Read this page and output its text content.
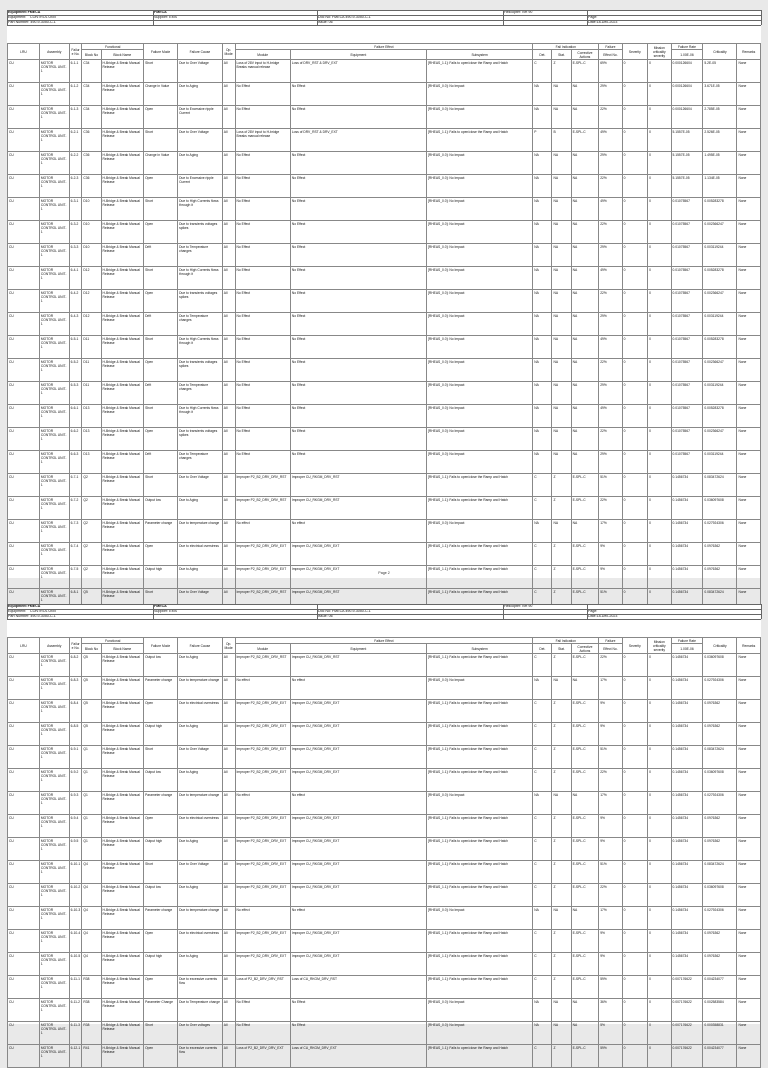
Equipment FMECA
Equipment:	CONTROL UNIT
Part Number: 490-9-3050-C-1
FMECA
Supplier: EMS	Doc No: FMECA 490-9-3050-C-1
Issue: 06
Helicopter: NH 90
Page:
Date:18-Dec-2023
LRU	Assembly	Failure No.	Functional		Failure Mode	Failure Cause	Op. Mode	Failure Effect			Fail Indication			Failure	Severity	Mission criticality severity	Failure Rate	Criticality	Remarks
			Block No	Block Name				Module	Equipment	Subsystem	Det.	Stat.	Corrective Actions	Effect No.			1.00E-06		
CU	MOTOR CONTROL UNIT-1	6-1-1	C34	H-Bridge & Break Manual Release	Short	Due to Over Voltage	All	Loss of 28V input to H-bridge Breaks manual release	Loss of DRV_RST & DRV_EXT	[RHEAS_1.1]: Fails to open/close the Ramp and Hatch	C	Z	E-SPL-C	69%	0	0	0.000126604	5.2E-05	None
CU	MOTOR CONTROL UNIT-1	6-1-2	C34	H-Bridge & Break Manual Release	Change in Value	Due to Aging	All	No Effect	No Effect	[RHEAS_0.0]: No Impact	NA	NA	NA	29%	0	0	0.000126604	3.671E-05	None
CU	MOTOR CONTROL UNIT-1	6-1-3	C34	H-Bridge & Break Manual Release	Open	Due to Excessive ripple Current	All	No Effect	No Effect	[RHEAS_0.0]: No Impact	NA	NA	NA	22%	0	0	0.000126604	2.785E-05	None
CU	MOTOR CONTROL UNIT-1	6-2-1	C36	H-Bridge & Break Manual Release	Short	Due to Over Voltage	All	Loss of 28V input to H-bridge Breaks manual release	Loss of DRV_RST & DRV_EXT	[RHEAS_1.1]: Fails to open/close the Ramp and Hatch	P	B	E-SPL-C	49%	0	0	5.1557E-05	2.526E-05	None
CU	MOTOR CONTROL UNIT-1	6-2-2	C36	H-Bridge & Break Manual Release	Change in Value	Due to Aging	All	No Effect	No Effect	[RHEAS_0.0]: No Impact	NA	NA	NA	29%	0	0	5.1557E-05	1.495E-05	None
CU	MOTOR CONTROL UNIT-1	6-2-3	C36	H-Bridge & Break Manual Release	Open	Due to Excessive ripple Current	All	No Effect	No Effect	[RHEAS_0.0]: No Impact	NA	NA	NA	22%	0	0	5.1557E-05	1.134E-05	None
CU	MOTOR CONTROL UNIT-1	6-3-1	D10	H-Bridge & Break Manual Release	Short	Due to High Currents flows through it	All	No Effect	No Effect	[RHEAS_0.0]: No Impact	NA	NA	NA	49%	0	0	0.01075567	0.005283278	None
CU	MOTOR CONTROL UNIT-1	6-3-2	D10	H-Bridge & Break Manual Release	Open	Due to transients voltages spikes	All	No Effect	No Effect	[RHEAS_0.0]: No Impact	NA	NA	NA	22%	0	0	0.01075567	0.002366247	None
CU	MOTOR CONTROL UNIT-1	6-3-3	D10	H-Bridge & Break Manual Release	Drift	Due to Temperature changes	All	No Effect	No Effect	[RHEAS_0.0]: No Impact	NA	NA	NA	29%	0	0	0.01075567	0.003119244	None
CU	MOTOR CONTROL UNIT-1	6-4-1	D12	H-Bridge & Break Manual Release	Short	Due to High Currents flows through it	All	No Effect	No Effect	[RHEAS_0.0]: No Impact	NA	NA	NA	49%	0	0	0.01075567	0.005283278	None
CU	MOTOR CONTROL UNIT-1	6-4-2	D12	H-Bridge & Break Manual Release	Open	Due to transients voltages spikes	All	No Effect	No Effect	[RHEAS_0.0]: No Impact	NA	NA	NA	22%	0	0	0.01075567	0.002366247	None
CU	MOTOR CONTROL UNIT-1	6-4-3	D12	H-Bridge & Break Manual Release	Drift	Due to Temperature changes	All	No Effect	No Effect	[RHEAS_0.0]: No Impact	NA	NA	NA	29%	0	0	0.01075567	0.003119244	None
CU	MOTOR CONTROL UNIT-1	6-5-1	D11	H-Bridge & Break Manual Release	Short	Due to High Currents flows through it	All	No Effect	No Effect	[RHEAS_0.0]: No Impact	NA	NA	NA	49%	0	0	0.01075567	0.005283278	None
CU	MOTOR CONTROL UNIT-1	6-5-2	D11	H-Bridge & Break Manual Release	Open	Due to transients voltages spikes	All	No Effect	No Effect	[RHEAS_0.0]: No Impact	NA	NA	NA	22%	0	0	0.01075567	0.002366247	None
CU	MOTOR CONTROL UNIT-1	6-5-3	D11	H-Bridge & Break Manual Release	Drift	Due to Temperature changes	All	No Effect	No Effect	[RHEAS_0.0]: No Impact	NA	NA	NA	29%	0	0	0.01075567	0.003119244	None
CU	MOTOR CONTROL UNIT-1	6-6-1	D13	H-Bridge & Break Manual Release	Short	Due to High Currents flows through it	All	No Effect	No Effect	[RHEAS_0.0]: No Impact	NA	NA	NA	49%	0	0	0.01075567	0.005283278	None
CU	MOTOR CONTROL UNIT-1	6-6-2	D13	H-Bridge & Break Manual Release	Open	Due to transients voltages spikes	All	No Effect	No Effect	[RHEAS_0.0]: No Impact	NA	NA	NA	22%	0	0	0.01075567	0.002366247	None
CU	MOTOR CONTROL UNIT-1	6-6-3	D13	H-Bridge & Break Manual Release	Drift	Due to Temperature changes	All	No Effect	No Effect	[RHEAS_0.0]: No Impact	NA	NA	NA	29%	0	0	0.01075567	0.003119244	None
CU	MOTOR CONTROL UNIT-1	6-7-1	Q2	H-Bridge & Break Manual Release	Short	Due to Over Voltage	All	Improper P2_B2_DRV_DRV_RST	Improper CU_RKGM_DRV_RST	[RHEAS_1.1]: Fails to open/close the Ramp and Hatch	C	Z	E-SPL-C	51%	0	0	0.1456734	0.083472624	None
CU	MOTOR CONTROL UNIT-1	6-7-2	Q2	H-Bridge & Break Manual Release	Output low	Due to Aging	All	Improper P2_B2_DRV_DRV_RST	Improper CU_RKGM_DRV_RST	[RHEAS_1.1]: Fails to open/close the Ramp and Hatch	C	Z	E-SPL-C	22%	0	0	0.1456734	0.036097608	None
CU	MOTOR CONTROL UNIT-1	6-7-3	Q2	H-Bridge & Break Manual Release	Parameter change	Due to temperature change	All	No effect	No effect	[RHEAS_0.0]: No Impact	NA	NA	NA	17%	0	0	0.1456734	0.027924306	None
CU	MOTOR CONTROL UNIT-1	6-7-4	Q2	H-Bridge & Break Manual Release	Open	Due to electrical overstress	All	Improper P2_B2_DRV_DRV_EXT	Improper CU_RKGM_DRV_EXT	[RHEAS_1.1]: Fails to open/close the Ramp and Hatch	C	Z	E-SPL-C	9%	0	0	0.1456734	0.0976362	None
CU	MOTOR CONTROL UNIT-1	6-7-5	Q2	H-Bridge & Break Manual Release	Output high	Due to Aging	All	Improper P2_B2_DRV_DRV_EXT	Improper CU_RKGM_DRV_EXT	[RHEAS_1.1]: Fails to open/close the Ramp and Hatch	C	Z	E-SPL-C	9%	0	0	0.1456734	0.0976362	None
CU	MOTOR CONTROL UNIT-1	6-8-1	Q5	H-Bridge & Break Manual Release	Short	Due to Over Voltage	All	Improper P2_B2_DRV_DRV_RST	Improper CU_RKGM_DRV_RST	[RHEAS_1.1]: Fails to open/close the Ramp and Hatch	C	Z	E-SPL-C	51%	0	0	0.1456734	0.083472624	None
Page 2
Equipment FMECA
Equipment:	CONTROL UNIT
Part Number: 490-9-3050-C-1
FMECA
Supplier: EMS	Doc No: FMECA 490-9-3050-C-1
Issue: 06
Helicopter: NH 90
Page:
Date:18-Dec-2023
LRU	Assembly	Failure No.	Functional		Failure Mode	Failure Cause	Op. Mode	Failure Effect			Fail Indication			Failure	Severity	Mission criticality severity	Failure Rate	Criticality	Remarks
			Block No	Block Name				Module	Equipment	Subsystem	Det.	Stat.	Corrective Actions	Effect No.			1.00E-06		
CU	MOTOR CONTROL UNIT-1	6-8-2	Q5	H-Bridge & Break Manual Release	Output low	Due to Aging	All	Improper P2_B2_DRV_DRV_RST	Improper CU_RKGM_DRV_RST	[RHEAS_1.1]: Fails to open/close the Ramp and Hatch	C	Z	E-SPL-C	22%	0	0	0.1456734	0.036097608	None
CU	MOTOR CONTROL UNIT-1	6-8-3	Q5	H-Bridge & Break Manual Release	Parameter change	Due to temperature change	All	No effect	No effect	[RHEAS_0.0]: No Impact	NA	NA	NA	17%	0	0	0.1456734	0.027924306	None
CU	MOTOR CONTROL UNIT-1	6-8-4	Q5	H-Bridge & Break Manual Release	Open	Due to electrical overstress	All	Improper P2_B2_DRV_DRV_EXT	Improper CU_RKGM_DRV_EXT	[RHEAS_1.1]: Fails to open/close the Ramp and Hatch	C	Z	E-SPL-C	9%	0	0	0.1456734	0.0976362	None
CU	MOTOR CONTROL UNIT-1	6-8-5	Q5	H-Bridge & Break Manual Release	Output high	Due to Aging	All	Improper P2_B2_DRV_DRV_EXT	Improper CU_RKGM_DRV_EXT	[RHEAS_1.1]: Fails to open/close the Ramp and Hatch	C	Z	E-SPL-C	9%	0	0	0.1456734	0.0976362	None
CU	MOTOR CONTROL UNIT-1	6-9-1	Q1	H-Bridge & Break Manual Release	Short	Due to Over Voltage	All	Improper P2_B2_DRV_DRV_EXT	Improper CU_RKGM_DRV_EXT	[RHEAS_1.1]: Fails to open/close the Ramp and Hatch	C	Z	E-SPL-C	51%	0	0	0.1456734	0.083472624	None
CU	MOTOR CONTROL UNIT-1	6-9-2	Q1	H-Bridge & Break Manual Release	Output low	Due to Aging	All	Improper P2_B2_DRV_DRV_EXT	Improper CU_RKGM_DRV_EXT	[RHEAS_1.1]: Fails to open/close the Ramp and Hatch	C	Z	E-SPL-C	22%	0	0	0.1456734	0.036097608	None
CU	MOTOR CONTROL UNIT-1	6-9-3	Q1	H-Bridge & Break Manual Release	Parameter change	Due to temperature change	All	No effect	No effect	[RHEAS_0.0]: No Impact	NA	NA	NA	17%	0	0	0.1456734	0.027924306	None
CU	MOTOR CONTROL UNIT-1	6-9-4	Q1	H-Bridge & Break Manual Release	Open	Due to electrical overstress	All	Improper P2_B2_DRV_DRV_EXT	Improper CU_RKGM_DRV_EXT	[RHEAS_1.1]: Fails to open/close the Ramp and Hatch	C	Z	E-SPL-C	9%	0	0	0.1456734	0.0976362	None
CU	MOTOR CONTROL UNIT-1	6-9-5	Q1	H-Bridge & Break Manual Release	Output high	Due to Aging	All	Improper P2_B2_DRV_DRV_EXT	Improper CU_RKGM_DRV_EXT	[RHEAS_1.1]: Fails to open/close the Ramp and Hatch	C	Z	E-SPL-C	9%	0	0	0.1456734	0.0976362	None
CU	MOTOR CONTROL UNIT-1	6-10-1	Q4	H-Bridge & Break Manual Release	Short	Due to Over Voltage	All	Improper P2_B2_DRV_DRV_EXT	Improper CU_RKGM_DRV_EXT	[RHEAS_1.1]: Fails to open/close the Ramp and Hatch	C	Z	E-SPL-C	51%	0	0	0.1456734	0.083472624	None
CU	MOTOR CONTROL UNIT-1	6-10-2	Q4	H-Bridge & Break Manual Release	Output low	Due to Aging	All	Improper P2_B2_DRV_DRV_EXT	Improper CU_RKGM_DRV_EXT	[RHEAS_1.1]: Fails to open/close the Ramp and Hatch	C	Z	E-SPL-C	22%	0	0	0.1456734	0.036097608	None
CU	MOTOR CONTROL UNIT-1	6-10-3	Q4	H-Bridge & Break Manual Release	Parameter change	Due to temperature change	All	No effect	No effect	[RHEAS_0.0]: No Impact	NA	NA	NA	17%	0	0	0.1456734	0.027924306	None
CU	MOTOR CONTROL UNIT-1	6-10-4	Q4	H-Bridge & Break Manual Release	Open	Due to electrical overstress	All	Improper P2_B2_DRV_DRV_EXT	Improper CU_RKGM_DRV_EXT	[RHEAS_1.1]: Fails to open/close the Ramp and Hatch	C	Z	E-SPL-C	9%	0	0	0.1456734	0.0976362	None
CU	MOTOR CONTROL UNIT-1	6-10-5	Q4	H-Bridge & Break Manual Release	Output high	Due to Aging	All	Improper P2_B2_DRV_DRV_EXT	Improper CU_RKGM_DRV_EXT	[RHEAS_1.1]: Fails to open/close the Ramp and Hatch	C	Z	E-SPL-C	9%	0	0	0.1456734	0.0976362	None
CU	MOTOR CONTROL UNIT-1	6-11-1	R38	H-Bridge & Break Manual Release	Open	Due to excessive currents flow	All	Loss of P2_B2_DRV_DRV_RST	Loss of CU_RKGM_DRV_RST	[RHEAS_1.1]: Fails to open/close the Ramp and Hatch	C	Z	E-SPL-C	59%	0	0	0.007176622	0.004234077	None
CU	MOTOR CONTROL UNIT-1	6-11-2	R38	H-Bridge & Break Manual Release	Parameter Change	Due to Temperature change	All	No Effect	No Effect	[RHEAS_0.0]: No Impact	NA	NA	NA	36%	0	0	0.007176622	0.002583584	None
CU	MOTOR CONTROL UNIT-1	6-11-3	R38	H-Bridge & Break Manual Release	Short	Due to Over voltages	All	No Effect	No Effect	[RHEAS_0.0]: No Impact	NA	NA	NA	5%	0	0	0.007176622	0.000358831	None
CU	MOTOR CONTROL UNIT-1	6-12-1	R41	H-Bridge & Break Manual Release	Open	Due to excessive currents flow	All	Loss of P2_B2_DRV_DRV_EXT	Loss of CU_RKGM_DRV_EXT	[RHEAS_1.1]: Fails to open/close the Ramp and Hatch	C	Z	E-SPL-C	59%	0	0	0.007176622	0.004234077	None
